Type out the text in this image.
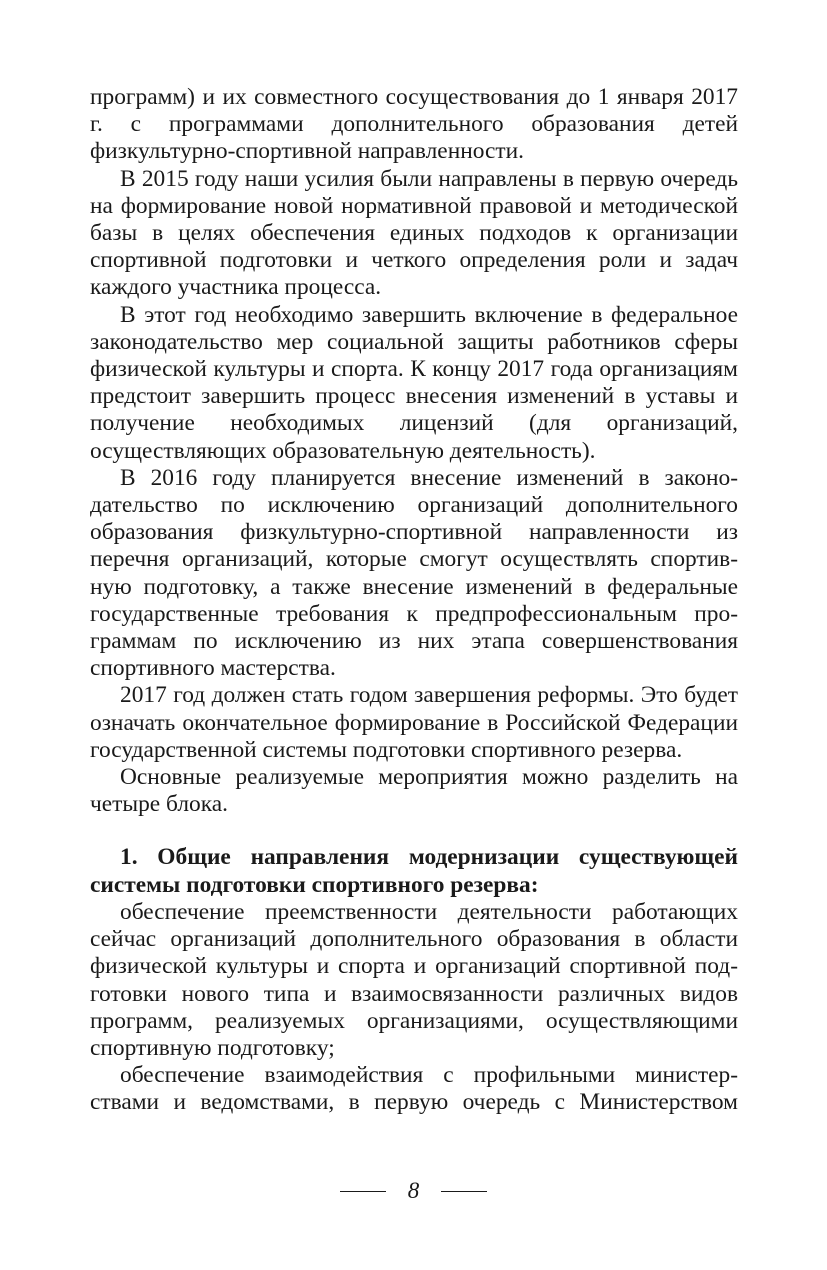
программ) и их совместного сосуществования до 1 января 2017 г. с программами дополнительного образования детей физкультурно-спортивной направленности.

В 2015 году наши усилия были направлены в первую очередь на формирование новой нормативной правовой и методической базы в целях обеспечения единых подходов к организации спортивной подготовки и четкого определения роли и задач каждого участника процесса.

В этот год необходимо завершить включение в федеральное законодательство мер социальной защиты работников сферы физической культуры и спорта. К концу 2017 года организациям предстоит завершить процесс внесения изменений в уставы и получение необходимых лицензий (для организаций, осуществляющих образовательную деятельность).

В 2016 году планируется внесение изменений в законодательство по исключению организаций дополнительного образования физкультурно-спортивной направленности из перечня организаций, которые смогут осуществлять спортивную подготовку, а также внесение изменений в федеральные государственные требования к предпрофессиональным программам по исключению из них этапа совершенствования спортивного мастерства.

2017 год должен стать годом завершения реформы. Это будет означать окончательное формирование в Российской Федерации государственной системы подготовки спортивного резерва.

Основные реализуемые мероприятия можно разделить на четыре блока.

1. Общие направления модернизации существующей системы подготовки спортивного резерва:

обеспечение преемственности деятельности работающих сейчас организаций дополнительного образования в области физической культуры и спорта и организаций спортивной подготовки нового типа и взаимосвязанности различных видов программ, реализуемых организациями, осуществляющими спортивную подготовку;

обеспечение взаимодействия с профильными министерствами и ведомствами, в первую очередь с Министерством

8
